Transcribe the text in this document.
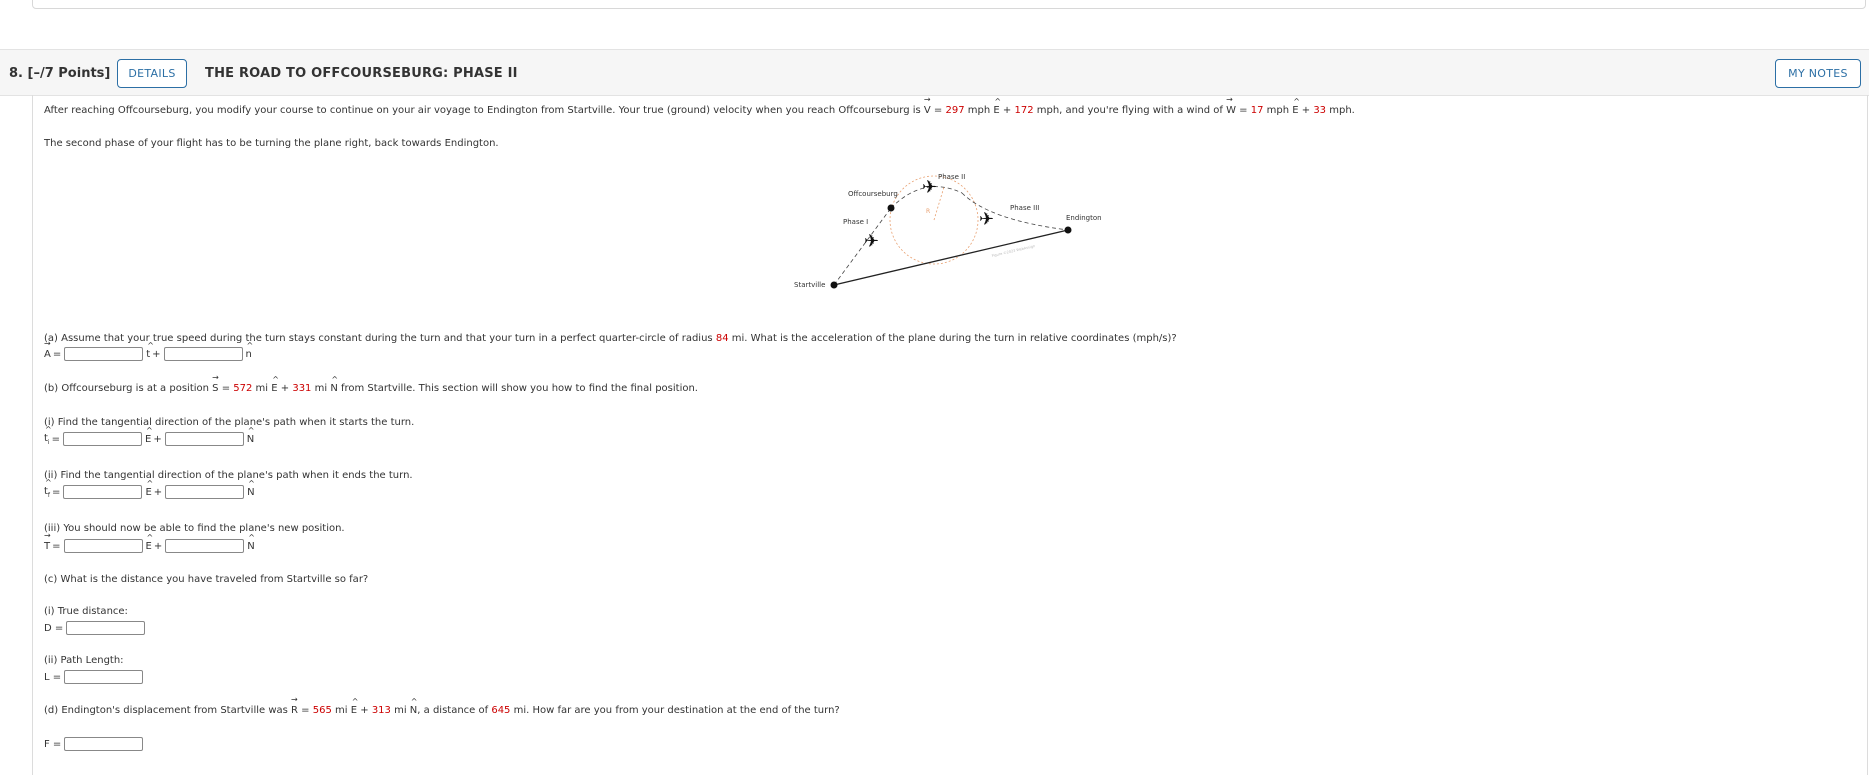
8. [–/7 Points]	DETAILS	THE ROAD TO OFFCOURSEBURG: PHASE II	MY NOTES
After reaching Offcourseburg, you modify your course to continue on your air voyage to Endington from Startville. Your true (ground) velocity when you reach Offcourseburg is → V = 297 mph ^ E + 172 mph, and you're flying with a wind of → W = 17 mph ^ E + 33 mph.
The second phase of your flight has to be turning the plane right, back towards Endington.
✈
✈
✈
Offcourseburg
Phase I
Phase II
Phase III
Endington
Startville
R
Figure ©2023 WebAssign
(a) Assume that your true speed during the turn stays constant during the turn and that your turn in a perfect quarter-circle of radius 84 mi. What is the acceleration of the plane during the turn in relative coordinates (mph/s)?
→ A =	^ t +	^ n
(b) Offcourseburg is at a position → S = 572 mi ^ E + 331 mi ^ N from Startville. This section will show you how to find the final position.
(i) Find the tangential direction of the plane's path when it starts the turn.
^ $t_i$ =	^ E +	^ N
(ii) Find the tangential direction of the plane's path when it ends the turn.
^ $t_f$ =	^ E +	^ N
(iii) You should now be able to find the plane's new position.
→ T =	^ E +	^ N
(c) What is the distance you have traveled from Startville so far?
(i) True distance:
D =
(ii) Path Length:
L =
(d) Endington's displacement from Startville was → R = 565 mi ^ E + 313 mi ^ N, a distance of 645 mi. How far are you from your destination at the end of the turn?
F =
